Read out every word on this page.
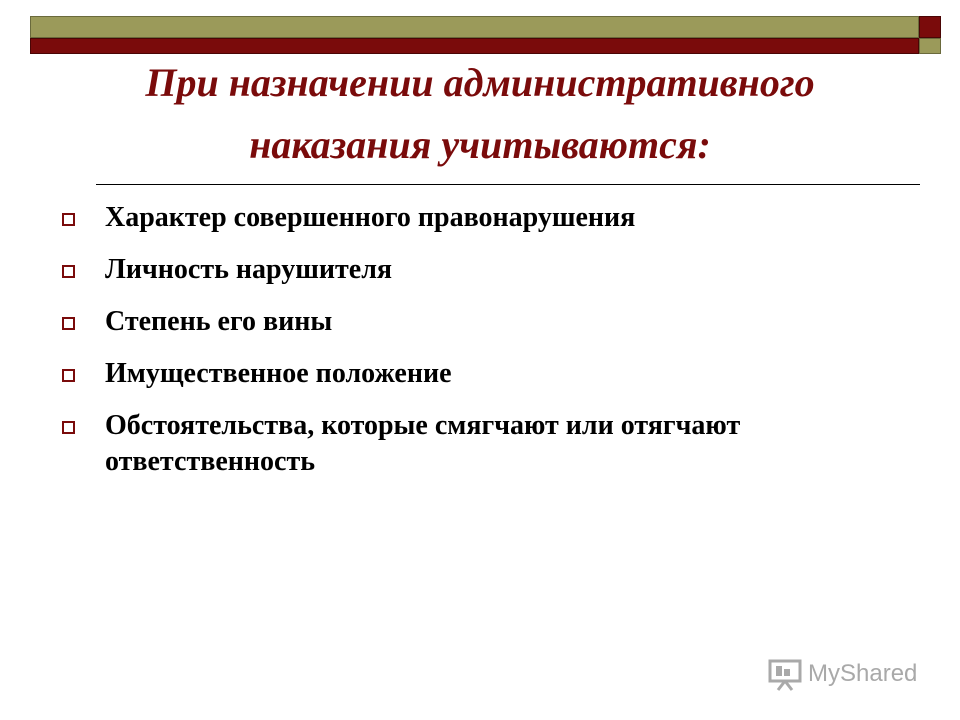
При назначении административного
наказания учитываются:
Характер совершенного правонарушения
Личность нарушителя
Степень его вины
Имущественное положение
Обстоятельства, которые смягчают или отягчают ответственность
MyShared
